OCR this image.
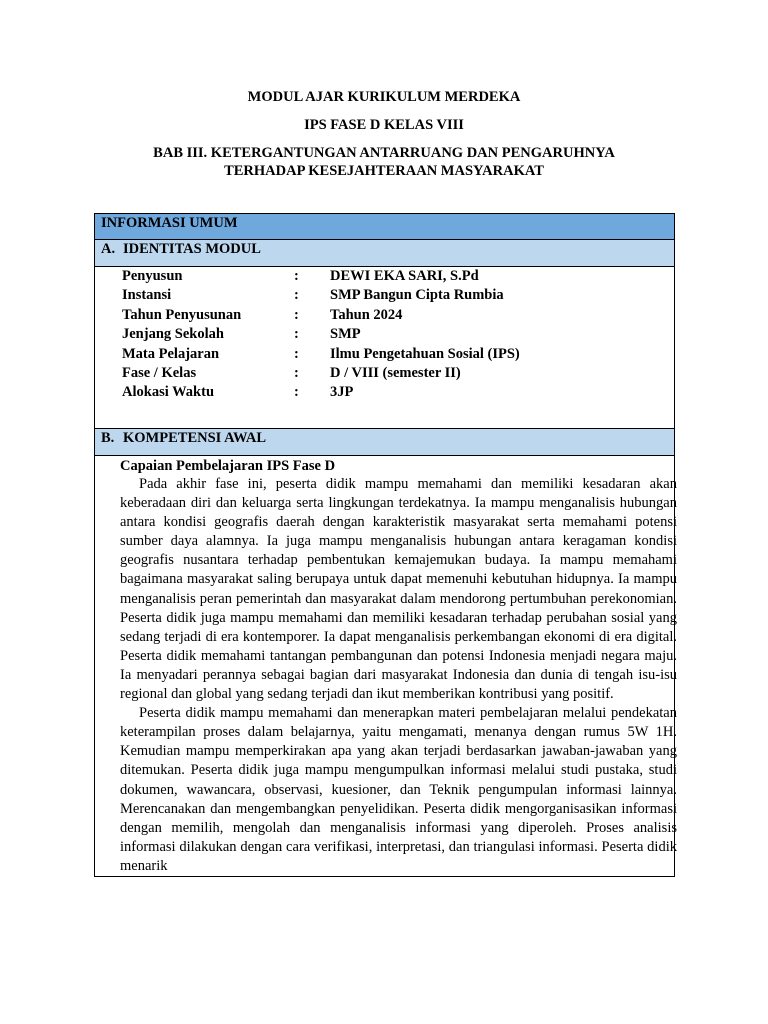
MODUL AJAR KURIKULUM MERDEKA
IPS FASE D KELAS VIII
BAB III. KETERGANTUNGAN ANTARRUANG DAN PENGARUHNYA
TERHADAP KESEJAHTERAAN MASYARAKAT
INFORMASI UMUM
A. IDENTITAS MODUL
Penyusun	: DEWI EKA SARI, S.Pd
Instansi	: SMP Bangun Cipta Rumbia
Tahun Penyusunan	: Tahun 2024
Jenjang Sekolah	: SMP
Mata Pelajaran	: Ilmu Pengetahuan Sosial (IPS)
Fase / Kelas	: D / VIII (semester II)
Alokasi Waktu	: 3JP
B. KOMPETENSI AWAL
Capaian Pembelajaran IPS Fase D

Pada akhir fase ini, peserta didik mampu memahami dan memiliki kesadaran akan keberadaan diri dan keluarga serta lingkungan terdekatnya. Ia mampu menganalisis hubungan antara kondisi geografis daerah dengan karakteristik masyarakat serta memahami potensi sumber daya alamnya. Ia juga mampu menganalisis hubungan antara keragaman kondisi geografis nusantara terhadap pembentukan kemajemukan budaya. Ia mampu memahami bagaimana masyarakat saling berupaya untuk dapat memenuhi kebutuhan hidupnya. Ia mampu menganalisis peran pemerintah dan masyarakat dalam mendorong pertumbuhan perekonomian. Peserta didik juga mampu memahami dan memiliki kesadaran terhadap perubahan sosial yang sedang terjadi di era kontemporer. Ia dapat menganalisis perkembangan ekonomi di era digital. Peserta didik memahami tantangan pembangunan dan potensi Indonesia menjadi negara maju. Ia menyadari perannya sebagai bagian dari masyarakat Indonesia dan dunia di tengah isu-isu regional dan global yang sedang terjadi dan ikut memberikan kontribusi yang positif.

Peserta didik mampu memahami dan menerapkan materi pembelajaran melalui pendekatan keterampilan proses dalam belajarnya, yaitu mengamati, menanya dengan rumus 5W 1H. Kemudian mampu memperkirakan apa yang akan terjadi berdasarkan jawaban-jawaban yang ditemukan. Peserta didik juga mampu mengumpulkan informasi melalui studi pustaka, studi dokumen, wawancara, observasi, kuesioner, dan Teknik pengumpulan informasi lainnya. Merencanakan dan mengembangkan penyelidikan. Peserta didik mengorganisasikan informasi dengan memilih, mengolah dan menganalisis informasi yang diperoleh. Proses analisis informasi dilakukan dengan cara verifikasi, interpretasi, dan triangulasi informasi. Peserta didik menarik
